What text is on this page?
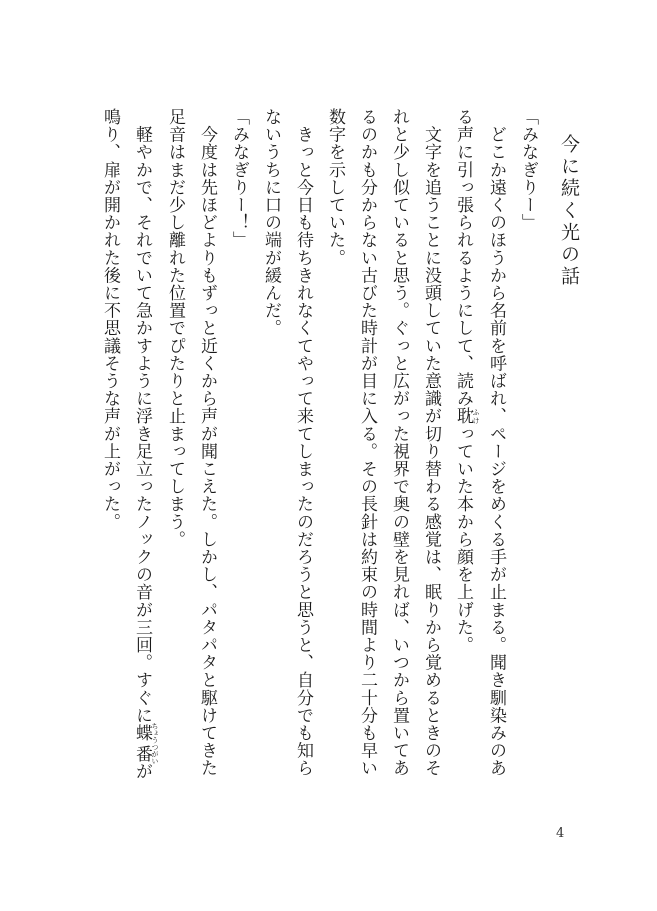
今に続く光の話

「みなぎりー」

　どこか遠くのほうから名前を呼ばれ、ページをめくる手が止まる。聞き馴染みのあ

る声に引っ張られるようにして、読み耽 ふけっていた本から顔を上げた。

　文字を追うことに没頭していた意識が切り替わる感覚は、眠りから覚めるときのそ

れと少し似ていると思う。ぐっと広がった視界で奥の壁を見れば、いつから置いてあ

るのかも分からない古びた時計が目に入る。その長針は約束の時間より二十分も早い

数字を示していた。

　きっと今日も待ちきれなくてやって来てしまったのだろうと思うと、自分でも知ら

ないうちに口の端が緩んだ。

「みなぎりー！」

　今度は先ほどよりもずっと近くから声が聞こえた。しかし、パタパタと駆けてきた

足音はまだ少し離れた位置でぴたりと止まってしまう。

　軽やかで、それでいて急かすように浮き足立ったノックの音が三回。すぐに蝶番 ちょうつがいが

鳴り、扉が開かれた後に不思議そうな声が上がった。

4
